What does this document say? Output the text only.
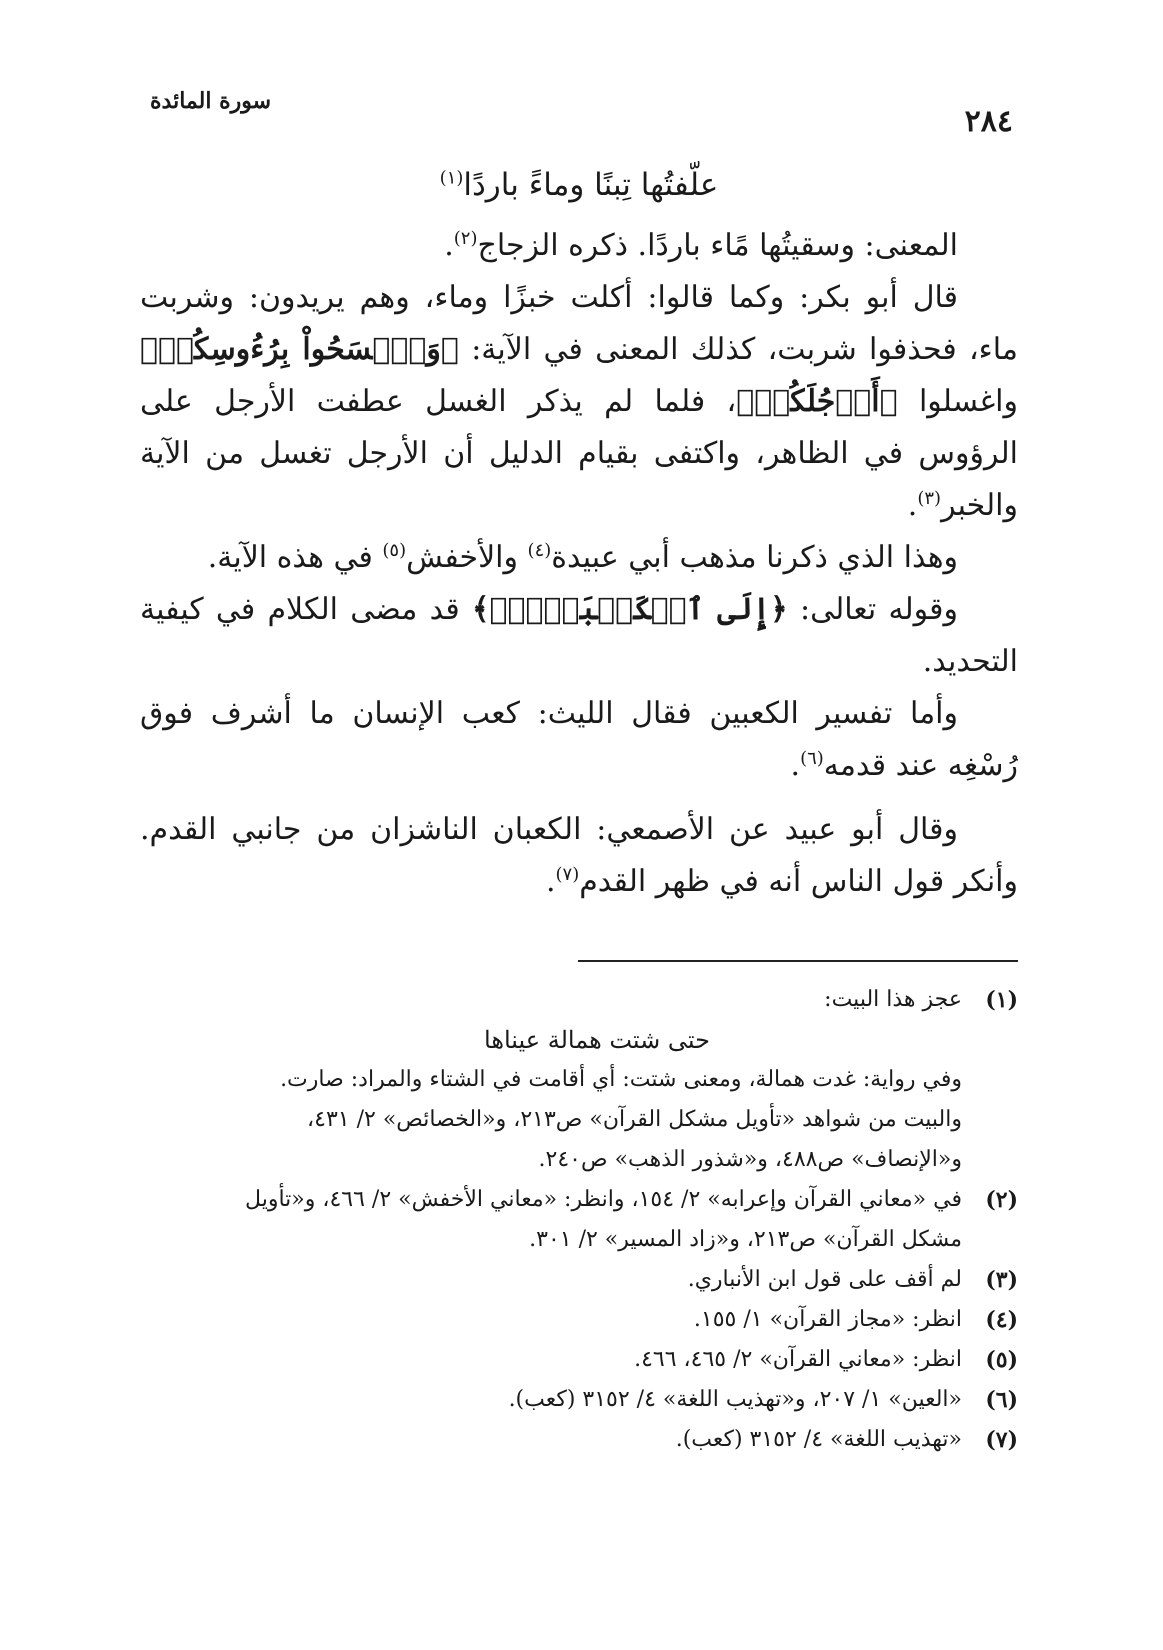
٢٨٤
سورة المائدة

علّفتُها تِبنًا وماءً باردًا$^{(١)}$

المعنى: وسقيتُها مًاء باردًا. ذكره الزجاج$^{(٢)}$.

قال أبو بكر: وكما قالوا: أكلت خبزًا وماء، وهم يريدون: وشربت ماء، فحذفوا شربت، كذلك المعنى في الآية: ﴿وَٱمۡسَحُواْ بِرُءُوسِكُمۡ﴾ واغسلوا ﴿أَرۡجُلَكُمۡ﴾، فلما لم يذكر الغسل عطفت الأرجل على الرؤوس في الظاهر، واكتفى بقيام الدليل أن الأرجل تغسل من الآية والخبر$^{(٣)}$.

وهذا الذي ذكرنا مذهب أبي عبيدة$^{(٤)}$ والأخفش$^{(٥)}$ في هذه الآية.

وقوله تعالى: ﴿إِلَى ٱلۡكَعۡبَيۡنِۚ﴾ قد مضى الكلام في كيفية التحديد.

وأما تفسير الكعبين فقال الليث: كعب الإنسان ما أشرف فوق رُسْغِه عند قدمه$^{(٦)}$.

وقال أبو عبيد عن الأصمعي: الكعبان الناشزان من جانبي القدم. وأنكر قول الناس أنه في ظهر القدم$^{(٧)}$.

(١)
عجز هذا البيت:
حتى شتت همالة عيناها
وفي رواية: غدت همالة، ومعنى شتت: أي أقامت في الشتاء والمراد: صارت.
والبيت من شواهد «تأويل مشكل القرآن» ص٢١٣، و«الخصائص» ٢/ ٤٣١،
و«الإنصاف» ص٤٨٨، و«شذور الذهب» ص٢٤٠.
(٢)
في «معاني القرآن وإعرابه» ٢/ ١٥٤، وانظر: «معاني الأخفش» ٢/ ٤٦٦، و«تأويل
مشكل القرآن» ص٢١٣، و«زاد المسير» ٢/ ٣٠١.
(٣)
لم أقف على قول ابن الأنباري.
(٤)
انظر: «مجاز القرآن» ١/ ١٥٥.
(٥)
انظر: «معاني القرآن» ٢/ ٤٦٥، ٤٦٦.
(٦)
«العين» ١/ ٢٠٧، و«تهذيب اللغة» ٤/ ٣١٥٢ (كعب).
(٧)
«تهذيب اللغة» ٤/ ٣١٥٢ (كعب).
